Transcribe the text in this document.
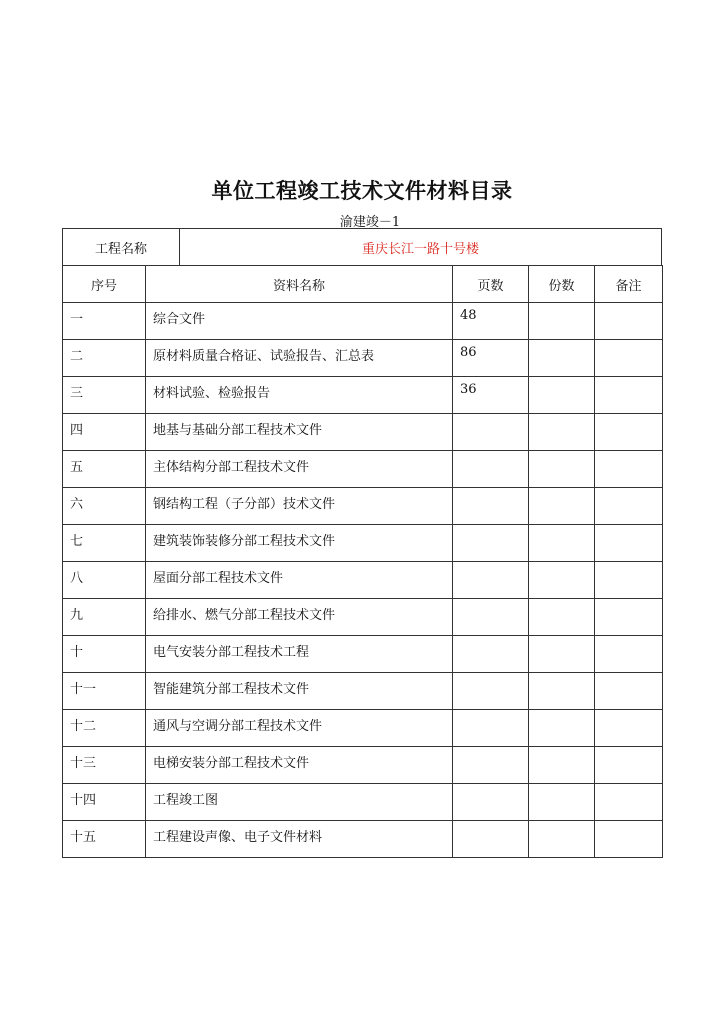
单位工程竣工技术文件材料目录
渝建竣－1
工程名称	重庆长江一路十号楼
序号	资料名称	页数	份数	备注
一	综合文件	48		
二	原材料质量合格证、试验报告、汇总表	86		
三	材料试验、检验报告	36		
四	地基与基础分部工程技术文件			
五	主体结构分部工程技术文件			
六	钢结构工程（子分部）技术文件			
七	建筑装饰装修分部工程技术文件			
八	屋面分部工程技术文件			
九	给排水、燃气分部工程技术文件			
十	电气安装分部工程技术工程			
十一	智能建筑分部工程技术文件			
十二	通风与空调分部工程技术文件			
十三	电梯安装分部工程技术文件			
十四	工程竣工图			
十五	工程建设声像、电子文件材料			
